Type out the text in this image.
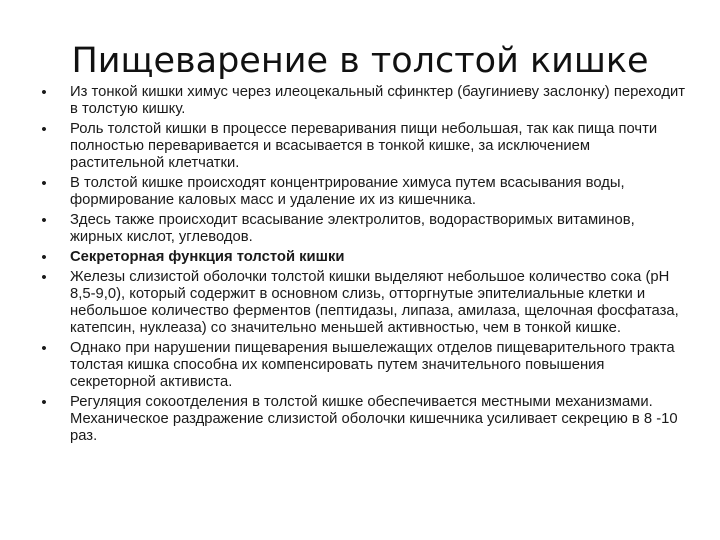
Пищеварение в толстой кишке
• Из тонкой кишки химус через илеоцекальный сфинктер (баугиниеву заслонку) переходит в толстую кишку.
• Роль толстой кишки в процессе переваривания пищи небольшая, так как пища почти полностью переваривается и всасывается в тонкой кишке, за исключением растительной клетчатки.
• В толстой кишке происходят концентрирование химуса путем всасывания воды, формирование каловых масс и удаление их из кишечника.
• Здесь также происходит всасывание электролитов, водорастворимых витаминов, жирных кислот, углеводов.
• Секреторная функция толстой кишки
• Железы слизистой оболочки толстой кишки выделяют небольшое количество сока (рН 8,5-9,0), который содержит в основном слизь, отторгнутые эпителиальные клетки и небольшое количество ферментов (пептидазы, липаза, амилаза, щелочная фосфатаза, катепсин, нуклеаза) со значительно меньшей активностью, чем в тонкой кишке.
• Однако при нарушении пищеварения вышележащих отделов пищеварительного тракта толстая кишка способна их компенсировать путем значительного повышения секреторной активиста.
• Регуляция сокоотделения в толстой кишке обеспечивается местными механизмами. Механическое раздражение слизистой оболочки кишечника усиливает секрецию в 8 -10 раз.
